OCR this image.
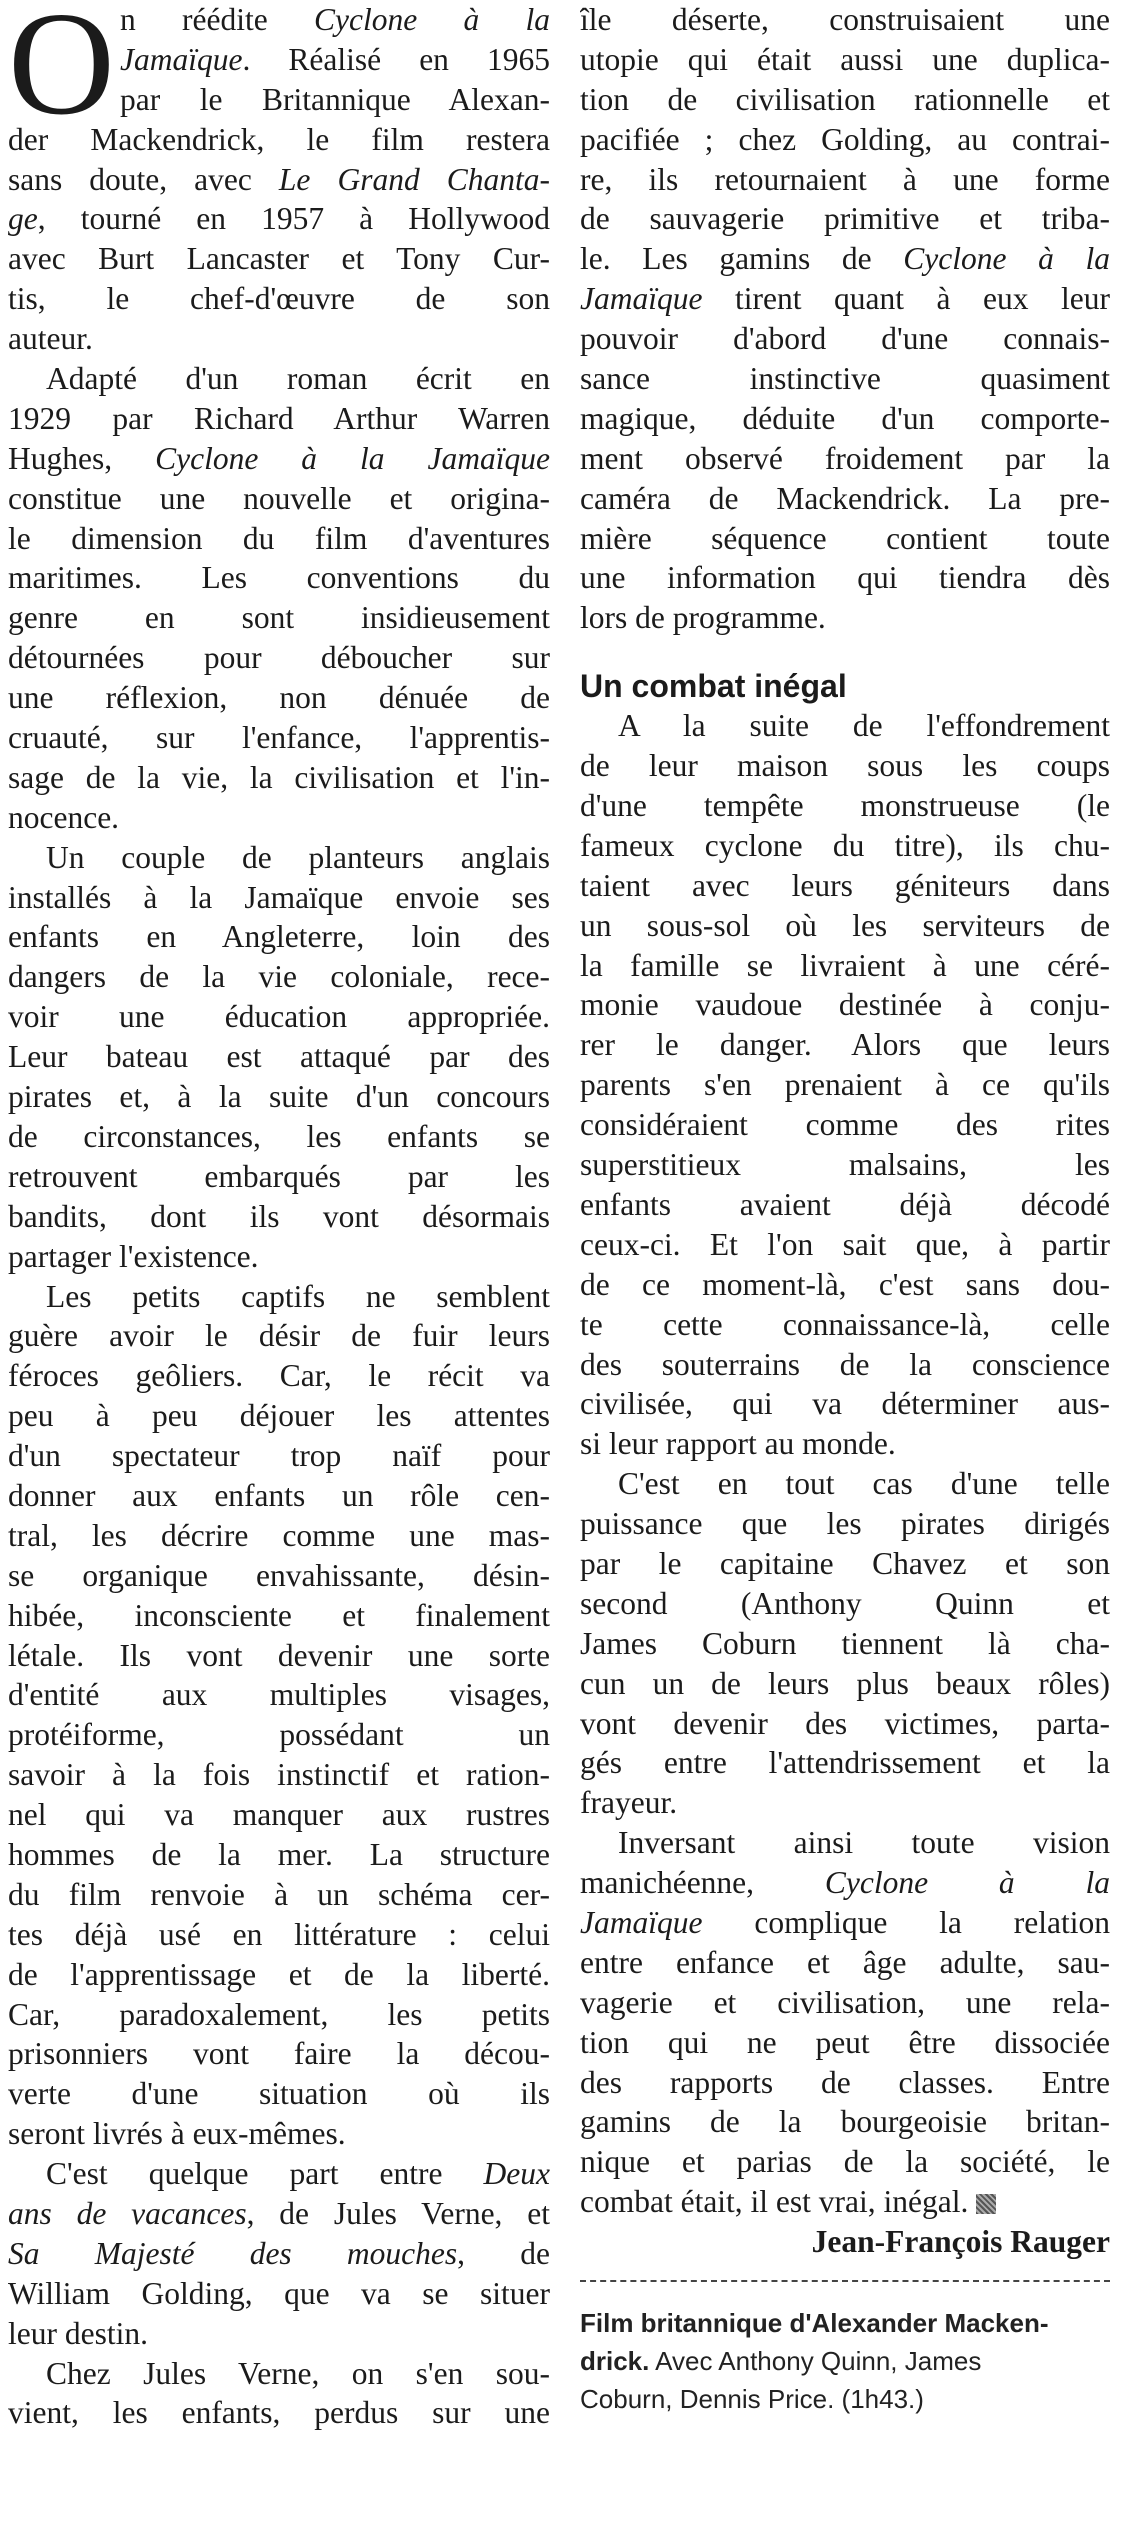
O n réédite Cyclone à la
Jamaïque. Réalisé en 1965
par le Britannique Alexan-
der Mackendrick, le film restera
sans doute, avec Le Grand Chanta-
ge, tourné en 1957 à Hollywood
avec Burt Lancaster et Tony Cur-
tis, le chef-d'œuvre de son
auteur.
Adapté d'un roman écrit en
1929 par Richard Arthur Warren
Hughes, Cyclone à la Jamaïque
constitue une nouvelle et origina-
le dimension du film d'aventures
maritimes. Les conventions du
genre en sont insidieusement
détournées pour déboucher sur
une réflexion, non dénuée de
cruauté, sur l'enfance, l'apprentis-
sage de la vie, la civilisation et l'in-
nocence.
Un couple de planteurs anglais
installés à la Jamaïque envoie ses
enfants en Angleterre, loin des
dangers de la vie coloniale, rece-
voir une éducation appropriée.
Leur bateau est attaqué par des
pirates et, à la suite d'un concours
de circonstances, les enfants se
retrouvent embarqués par les
bandits, dont ils vont désormais
partager l'existence.
Les petits captifs ne semblent
guère avoir le désir de fuir leurs
féroces geôliers. Car, le récit va
peu à peu déjouer les attentes
d'un spectateur trop naïf pour
donner aux enfants un rôle cen-
tral, les décrire comme une mas-
se organique envahissante, désin-
hibée, inconsciente et finalement
létale. Ils vont devenir une sorte
d'entité aux multiples visages,
protéiforme, possédant un
savoir à la fois instinctif et ration-
nel qui va manquer aux rustres
hommes de la mer. La structure
du film renvoie à un schéma cer-
tes déjà usé en littérature : celui
de l'apprentissage et de la liberté.
Car, paradoxalement, les petits
prisonniers vont faire la décou-
verte d'une situation où ils
seront livrés à eux-mêmes.
C'est quelque part entre Deux
ans de vacances, de Jules Verne, et
Sa Majesté des mouches, de
William Golding, que va se situer
leur destin.
Chez Jules Verne, on s'en sou-
vient, les enfants, perdus sur une
île déserte, construisaient une
utopie qui était aussi une duplica-
tion de civilisation rationnelle et
pacifiée ; chez Golding, au contrai-
re, ils retournaient à une forme
de sauvagerie primitive et triba-
le. Les gamins de Cyclone à la
Jamaïque tirent quant à eux leur
pouvoir d'abord d'une connais-
sance instinctive quasiment
magique, déduite d'un comporte-
ment observé froidement par la
caméra de Mackendrick. La pre-
mière séquence contient toute
une information qui tiendra dès
lors de programme.
Un combat inégal
A la suite de l'effondrement
de leur maison sous les coups
d'une tempête monstrueuse (le
fameux cyclone du titre), ils chu-
taient avec leurs géniteurs dans
un sous-sol où les serviteurs de
la famille se livraient à une céré-
monie vaudoue destinée à conju-
rer le danger. Alors que leurs
parents s'en prenaient à ce qu'ils
considéraient comme des rites
superstitieux malsains, les
enfants avaient déjà décodé
ceux-ci. Et l'on sait que, à partir
de ce moment-là, c'est sans dou-
te cette connaissance-là, celle
des souterrains de la conscience
civilisée, qui va déterminer aus-
si leur rapport au monde.
C'est en tout cas d'une telle
puissance que les pirates dirigés
par le capitaine Chavez et son
second (Anthony Quinn et
James Coburn tiennent là cha-
cun un de leurs plus beaux rôles)
vont devenir des victimes, parta-
gés entre l'attendrissement et la
frayeur.
Inversant ainsi toute vision
manichéenne, Cyclone à la
Jamaïque complique la relation
entre enfance et âge adulte, sau-
vagerie et civilisation, une rela-
tion qui ne peut être dissociée
des rapports de classes. Entre
gamins de la bourgeoisie britan-
nique et parias de la société, le
combat était, il est vrai, inégal.
Jean-François Rauger
Film britannique d'Alexander Macken-
drick. Avec Anthony Quinn, James
Coburn, Dennis Price. (1h43.)
